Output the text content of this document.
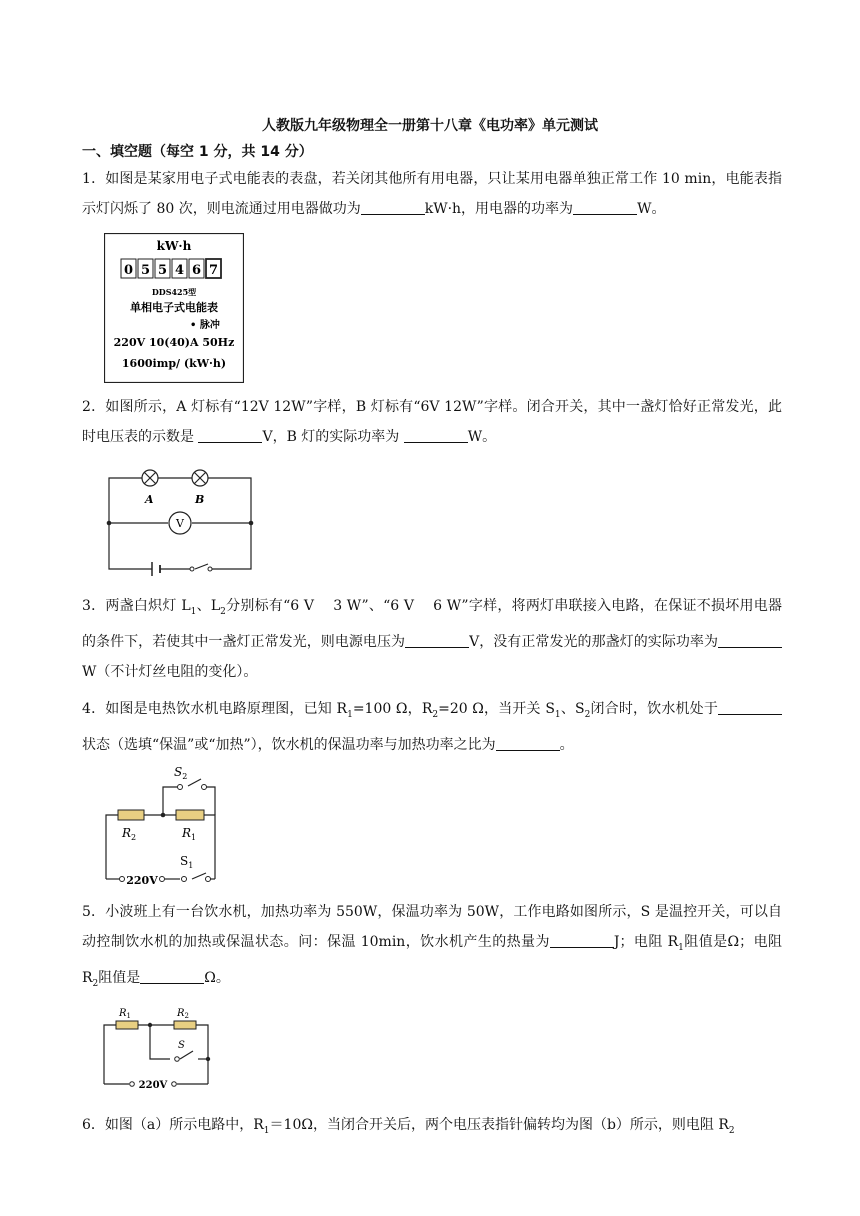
人教版九年级物理全一册第十八章《电功率》单元测试
一、填空题（每空 1 分，共 14 分）

1．如图是某家用电子式电能表的表盘，若关闭其他所有用电器，只让某用电器单独正常工作 10 min，电能表指示灯闪烁了 80 次，则电流通过用电器做功为	kW·h，用电器的功率为	W。

kW·h
0 5 5 4 6 7
DDS425型
单相电子式电能表
• 脉冲
220V 10(40)A 50Hz
1600imp/ (kW·h)

2．如图所示，A 灯标有“12V 12W”字样，B 灯标有“6V 12W”字样。闭合开关，其中一盏灯恰好正常发光，此时电压表的示数是	V，B 灯的实际功率为	W。

A	B
V

3．两盏白炽灯 $L_1$、$L_2$分别标有“6 V　 3 W”、“6 V　 6 W”字样，将两灯串联接入电路，在保证不损坏用电器的条件下，若使其中一盏灯正常发光，则电源电压为	V，没有正常发光的那盏灯的实际功率为W（不计灯丝电阻的变化）。

4．如图是电热饮水机电路原理图，已知 $R_1=100$ Ω，$R_2=20$ Ω，当开关 $S_1$、$S_2$闭合时，饮水机处于状态（选填“保温”或“加热”），饮水机的保温功率与加热功率之比为	。

$S_2$
$R_2$	$R_1$
$S_1$
220V

5．小波班上有一台饮水机，加热功率为 550W，保温功率为 50W，工作电路如图所示，S 是温控开关，可以自动控制饮水机的加热或保温状态。问：保温 10min，饮水机产生的热量为	J；电阻 $R_1$阻值是Ω；电阻 $R_2$阻值是	Ω。

$R_1$	$R_2$
S
220V

6．如图（a）所示电路中，$R_1=10\Omega$，当闭合开关后，两个电压表指针偏转均为图（b）所示，则电阻 $R_2$
